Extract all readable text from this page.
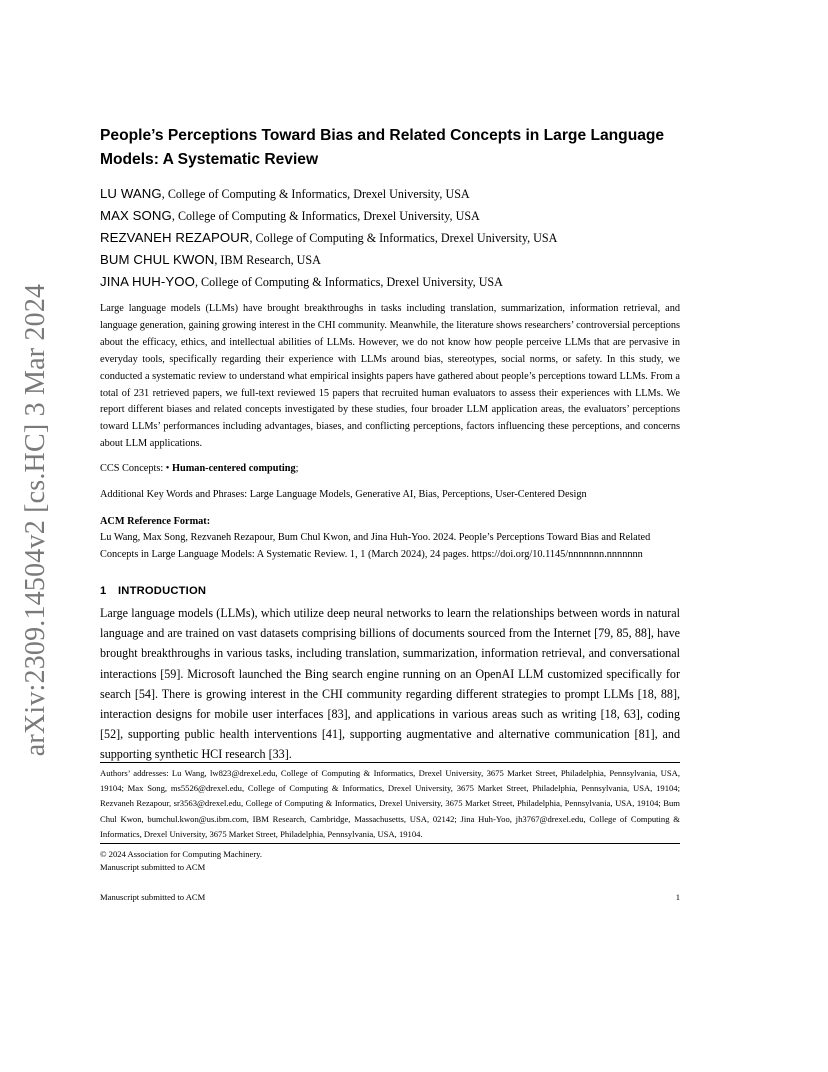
arXiv:2309.14504v2 [cs.HC] 3 Mar 2024
People’s Perceptions Toward Bias and Related Concepts in Large Language Models: A Systematic Review
LU WANG, College of Computing & Informatics, Drexel University, USA
MAX SONG, College of Computing & Informatics, Drexel University, USA
REZVANEH REZAPOUR, College of Computing & Informatics, Drexel University, USA
BUM CHUL KWON, IBM Research, USA
JINA HUH-YOO, College of Computing & Informatics, Drexel University, USA

Large language models (LLMs) have brought breakthroughs in tasks including translation, summarization, information retrieval, and language generation, gaining growing interest in the CHI community. Meanwhile, the literature shows researchers’ controversial perceptions about the efficacy, ethics, and intellectual abilities of LLMs. However, we do not know how people perceive LLMs that are pervasive in everyday tools, specifically regarding their experience with LLMs around bias, stereotypes, social norms, or safety. In this study, we conducted a systematic review to understand what empirical insights papers have gathered about people’s perceptions toward LLMs. From a total of 231 retrieved papers, we full-text reviewed 15 papers that recruited human evaluators to assess their experiences with LLMs. We report different biases and related concepts investigated by these studies, four broader LLM application areas, the evaluators’ perceptions toward LLMs’ performances including advantages, biases, and conflicting perceptions, factors influencing these perceptions, and concerns about LLM applications.

CCS Concepts: • Human-centered computing;

Additional Key Words and Phrases: Large Language Models, Generative AI, Bias, Perceptions, User-Centered Design

ACM Reference Format:

Lu Wang, Max Song, Rezvaneh Rezapour, Bum Chul Kwon, and Jina Huh-Yoo. 2024. People’s Perceptions Toward Bias and Related Concepts in Large Language Models: A Systematic Review. 1, 1 (March 2024), 24 pages. https://doi.org/10.1145/nnnnnnn.nnnnnnn

1 INTRODUCTION

Large language models (LLMs), which utilize deep neural networks to learn the relationships between words in natural language and are trained on vast datasets comprising billions of documents sourced from the Internet [79, 85, 88], have brought breakthroughs in various tasks, including translation, summarization, information retrieval, and conversational interactions [59]. Microsoft launched the Bing search engine running on an OpenAI LLM customized specifically for search [54]. There is growing interest in the CHI community regarding different strategies to prompt LLMs [18, 88], interaction designs for mobile user interfaces [83], and applications in various areas such as writing [18, 63], coding [52], supporting public health interventions [41], supporting augmentative and alternative communication [81], and supporting synthetic HCI research [33].

Authors’ addresses: Lu Wang, lw823@drexel.edu, College of Computing & Informatics, Drexel University, 3675 Market Street, Philadelphia, Pennsylvania, USA, 19104; Max Song, ms5526@drexel.edu, College of Computing & Informatics, Drexel University, 3675 Market Street, Philadelphia, Pennsylvania, USA, 19104; Rezvaneh Rezapour, sr3563@drexel.edu, College of Computing & Informatics, Drexel University, 3675 Market Street, Philadelphia, Pennsylvania, USA, 19104; Bum Chul Kwon, bumchul.kwon@us.ibm.com, IBM Research, Cambridge, Massachusetts, USA, 02142; Jina Huh-Yoo, jh3767@drexel.edu, College of Computing & Informatics, Drexel University, 3675 Market Street, Philadelphia, Pennsylvania, USA, 19104.

© 2024 Association for Computing Machinery.
Manuscript submitted to ACM

Manuscript submitted to ACM	1
